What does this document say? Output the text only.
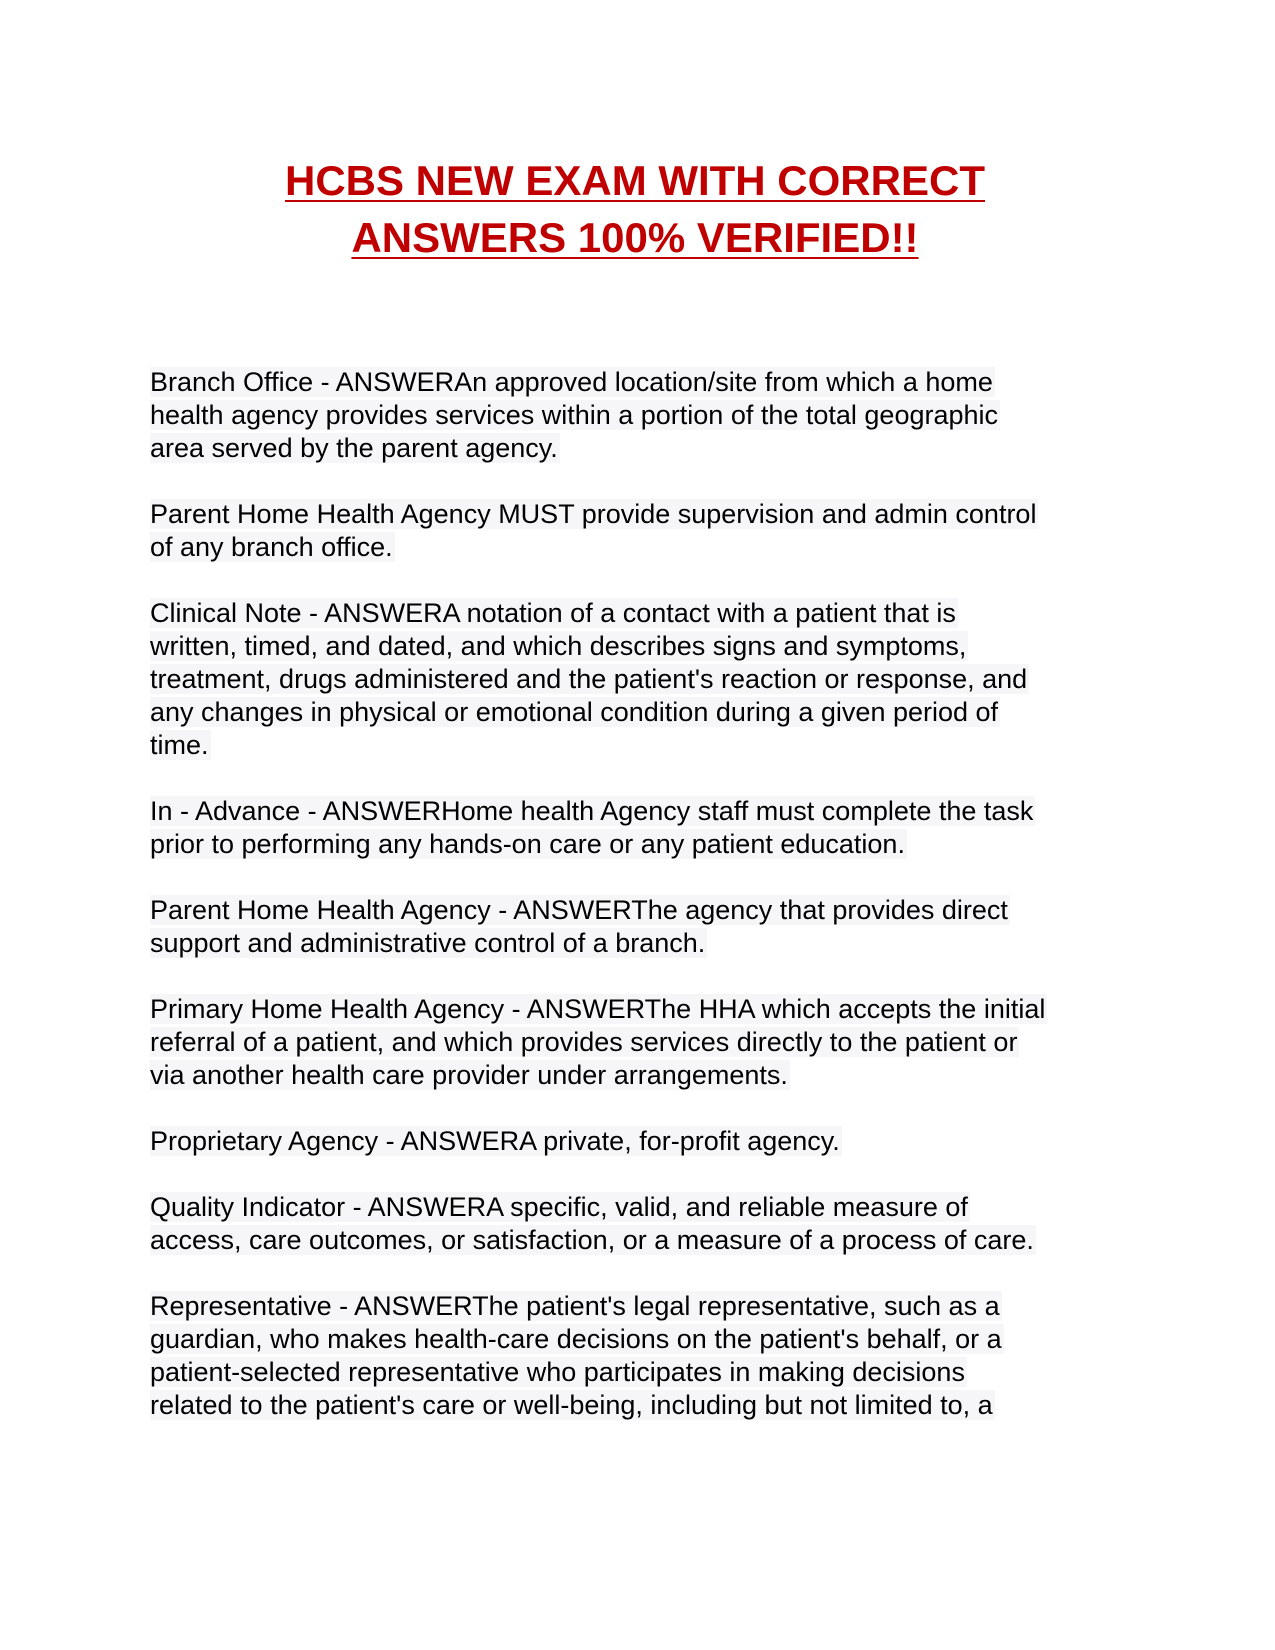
HCBS NEW EXAM WITH CORRECT
ANSWERS 100% VERIFIED!!
Branch Office - ANSWERAn approved location/site from which a home
health agency provides services within a portion of the total geographic
area served by the parent agency.
Parent Home Health Agency MUST provide supervision and admin control
of any branch office.
Clinical Note - ANSWERA notation of a contact with a patient that is
written, timed, and dated, and which describes signs and symptoms,
treatment, drugs administered and the patient's reaction or response, and
any changes in physical or emotional condition during a given period of
time.
In - Advance - ANSWERHome health Agency staff must complete the task
prior to performing any hands-on care or any patient education.
Parent Home Health Agency - ANSWERThe agency that provides direct
support and administrative control of a branch.
Primary Home Health Agency - ANSWERThe HHA which accepts the initial
referral of a patient, and which provides services directly to the patient or
via another health care provider under arrangements.
Proprietary Agency - ANSWERA private, for-profit agency.
Quality Indicator - ANSWERA specific, valid, and reliable measure of
access, care outcomes, or satisfaction, or a measure of a process of care.
Representative - ANSWERThe patient's legal representative, such as a
guardian, who makes health-care decisions on the patient's behalf, or a
patient-selected representative who participates in making decisions
related to the patient's care or well-being, including but not limited to, a
